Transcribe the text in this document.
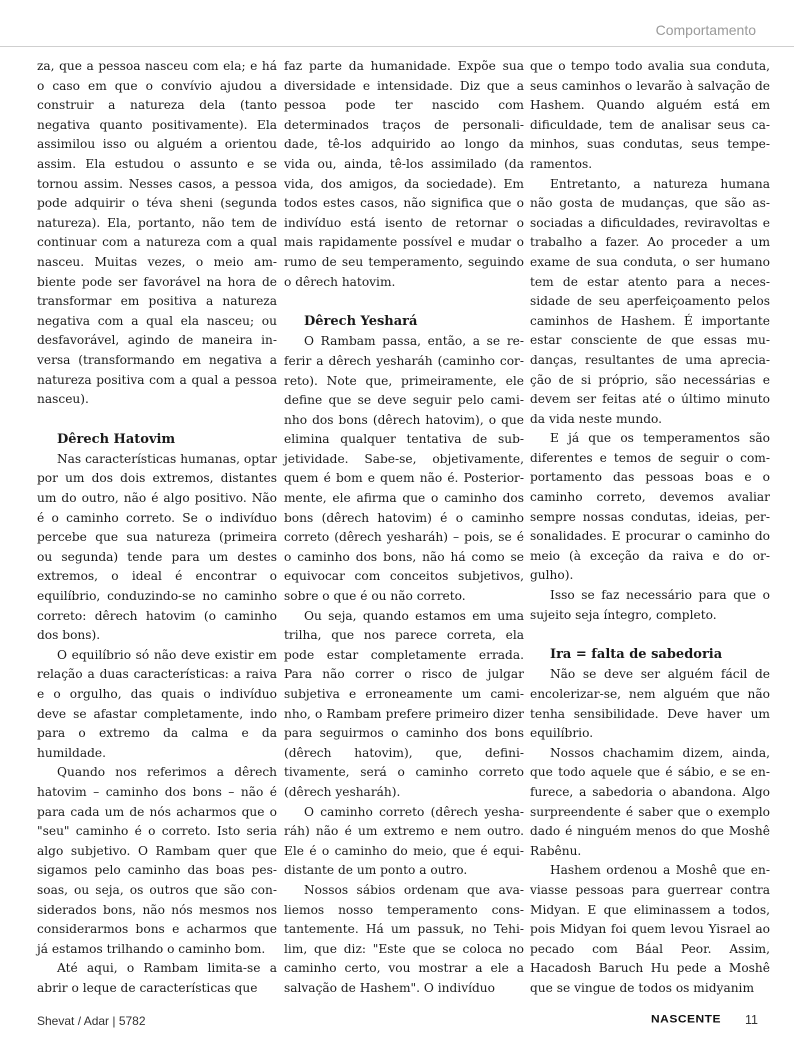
Comportamento

za, que a pessoa nasceu com ela; e há o caso em que o convívio ajudou a construir a natureza dela (tanto negativa quanto positivamente). Ela assimilou isso ou alguém a orientou assim. Ela estudou o assunto e se tornou assim. Nesses casos, a pessoa pode adquirir o téva sheni (segunda natureza). Ela, portanto, não tem de continuar com a natureza com a qual nasceu. Muitas vezes, o meio ambiente pode ser favorável na hora de transformar em positiva a natureza negativa com a qual ela nasceu; ou desfavorável, agindo de maneira inversa (transformando em negativa a natureza positiva com a qual a pessoa nasceu).

Dêrech Hatovim

Nas características humanas, optar por um dos dois extremos, distantes um do outro, não é algo positivo. Não é o caminho correto. Se o indivíduo percebe que sua natureza (primeira ou segunda) tende para um destes extremos, o ideal é encontrar o equilíbrio, conduzindo-se no caminho correto: dêrech hatovim (o caminho dos bons).

O equilíbrio só não deve existir em relação a duas características: a raiva e o orgulho, das quais o indivíduo deve se afastar completamente, indo para o extremo da calma e da humildade.

Quando nos referimos a dêrech hatovim – caminho dos bons – não é para cada um de nós acharmos que o "seu" caminho é o correto. Isto seria algo subjetivo. O Rambam quer que sigamos pelo caminho das boas pessoas, ou seja, os outros que são considerados bons, não nós mesmos nos considerarmos bons e acharmos que já estamos trilhando o caminho bom.

Até aqui, o Rambam limita-se a abrir o leque de características que

faz parte da humanidade. Expõe sua diversidade e intensidade. Diz que a pessoa pode ter nascido com determinados traços de personalidade, tê-los adquirido ao longo da vida ou, ainda, tê-los assimilado (da vida, dos amigos, da sociedade). Em todos estes casos, não significa que o indivíduo está isento de retornar o mais rapidamente possível e mudar o rumo de seu temperamento, seguindo o dêrech hatovim.

Dêrech Yeshará

O Rambam passa, então, a se referir a dêrech yesharáh (caminho correto). Note que, primeiramente, ele define que se deve seguir pelo caminho dos bons (dêrech hatovim), o que elimina qualquer tentativa de subjetividade. Sabe-se, objetivamente, quem é bom e quem não é. Posteriormente, ele afirma que o caminho dos bons (dêrech hatovim) é o caminho correto (dêrech yesharáh) – pois, se é o caminho dos bons, não há como se equivocar com conceitos subjetivos, sobre o que é ou não correto.

Ou seja, quando estamos em uma trilha, que nos parece correta, ela pode estar completamente errada. Para não correr o risco de julgar subjetiva e erroneamente um caminho, o Rambam prefere primeiro dizer para seguirmos o caminho dos bons (dêrech hatovim), que, definitivamente, será o caminho correto (dêrech yesharáh).

O caminho correto (dêrech yesharáh) não é um extremo e nem outro. Ele é o caminho do meio, que é equidistante de um ponto a outro.

Nossos sábios ordenam que avaliemos nosso temperamento constantemente. Há um passuk, no Tehilim, que diz: "Este que se coloca no caminho certo, vou mostrar a ele a salvação de Hashem". O indivíduo

que o tempo todo avalia sua conduta, seus caminhos o levarão à salvação de Hashem. Quando alguém está em dificuldade, tem de analisar seus caminhos, suas condutas, seus temperamentos.

Entretanto, a natureza humana não gosta de mudanças, que são associadas a dificuldades, reviravoltas e trabalho a fazer. Ao proceder a um exame de sua conduta, o ser humano tem de estar atento para a necessidade de seu aperfeiçoamento pelos caminhos de Hashem. É importante estar consciente de que essas mudanças, resultantes de uma apreciação de si próprio, são necessárias e devem ser feitas até o último minuto da vida neste mundo.

E já que os temperamentos são diferentes e temos de seguir o comportamento das pessoas boas e o caminho correto, devemos avaliar sempre nossas condutas, ideias, personalidades. E procurar o caminho do meio (à exceção da raiva e do orgulho).

Isso se faz necessário para que o sujeito seja íntegro, completo.

Ira = falta de sabedoria

Não se deve ser alguém fácil de encolerizar-se, nem alguém que não tenha sensibilidade. Deve haver um equilíbrio.

Nossos chachamim dizem, ainda, que todo aquele que é sábio, e se enfurece, a sabedoria o abandona. Algo surpreendente é saber que o exemplo dado é ninguém menos do que Moshê Rabênu.

Hashem ordenou a Moshê que enviasse pessoas para guerrear contra Midyan. E que eliminassem a todos, pois Midyan foi quem levou Yisrael ao pecado com Báal Peor. Assim, Hacadosh Baruch Hu pede a Moshê que se vingue de todos os midyanim

Shevat / Adar | 5782	NASCENTE 11
